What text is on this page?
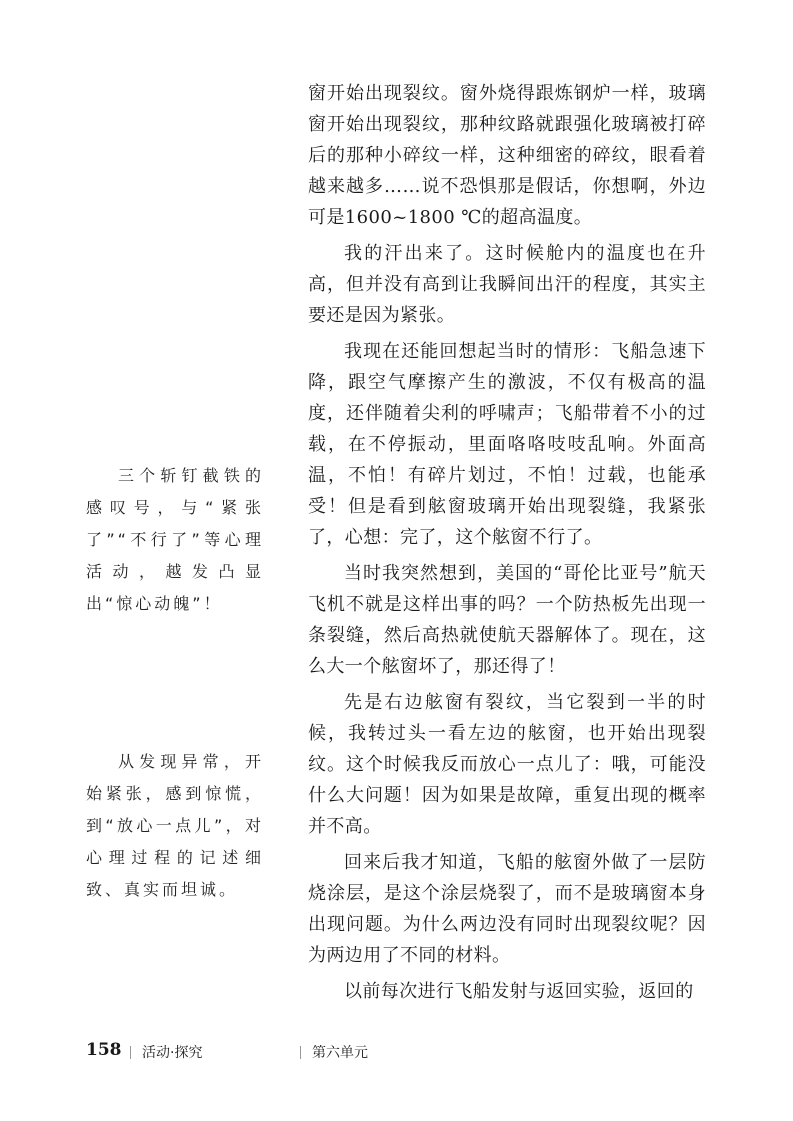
窗开始出现裂纹。窗外烧得跟炼钢炉一样，玻璃窗开始出现裂纹，那种纹路就跟强化玻璃被打碎后的那种小碎纹一样，这种细密的碎纹，眼看着越来越多……说不恐惧那是假话，你想啊，外边可是1600~1800 ℃的超高温度。

我的汗出来了。这时候舱内的温度也在升高，但并没有高到让我瞬间出汗的程度，其实主要还是因为紧张。

我现在还能回想起当时的情形：飞船急速下降，跟空气摩擦产生的激波，不仅有极高的温度，还伴随着尖利的呼啸声；飞船带着不小的过载，在不停振动，里面咯咯吱吱乱响。外面高温，不怕！有碎片划过，不怕！过载，也能承受！但是看到舷窗玻璃开始出现裂缝，我紧张了，心想：完了，这个舷窗不行了。

当时我突然想到，美国的“哥伦比亚号”航天飞机不就是这样出事的吗？一个防热板先出现一条裂缝，然后高热就使航天器解体了。现在，这么大一个舷窗坏了，那还得了！

先是右边舷窗有裂纹，当它裂到一半的时候，我转过头一看左边的舷窗，也开始出现裂纹。这个时候我反而放心一点儿了：哦，可能没什么大问题！因为如果是故障，重复出现的概率并不高。

回来后我才知道，飞船的舷窗外做了一层防烧涂层，是这个涂层烧裂了，而不是玻璃窗本身出现问题。为什么两边没有同时出现裂纹呢？因为两边用了不同的材料。

以前每次进行飞船发射与返回实验，返回的

三个斩钉截铁的感叹号，与“紧张了”“不行了”等心理活动，越发凸显出“惊心动魄”！

从发现异常，开始紧张，感到惊慌，到“放心一点儿”，对心理过程的记述细致、真实而坦诚。

158 活动·探究	第六单元
